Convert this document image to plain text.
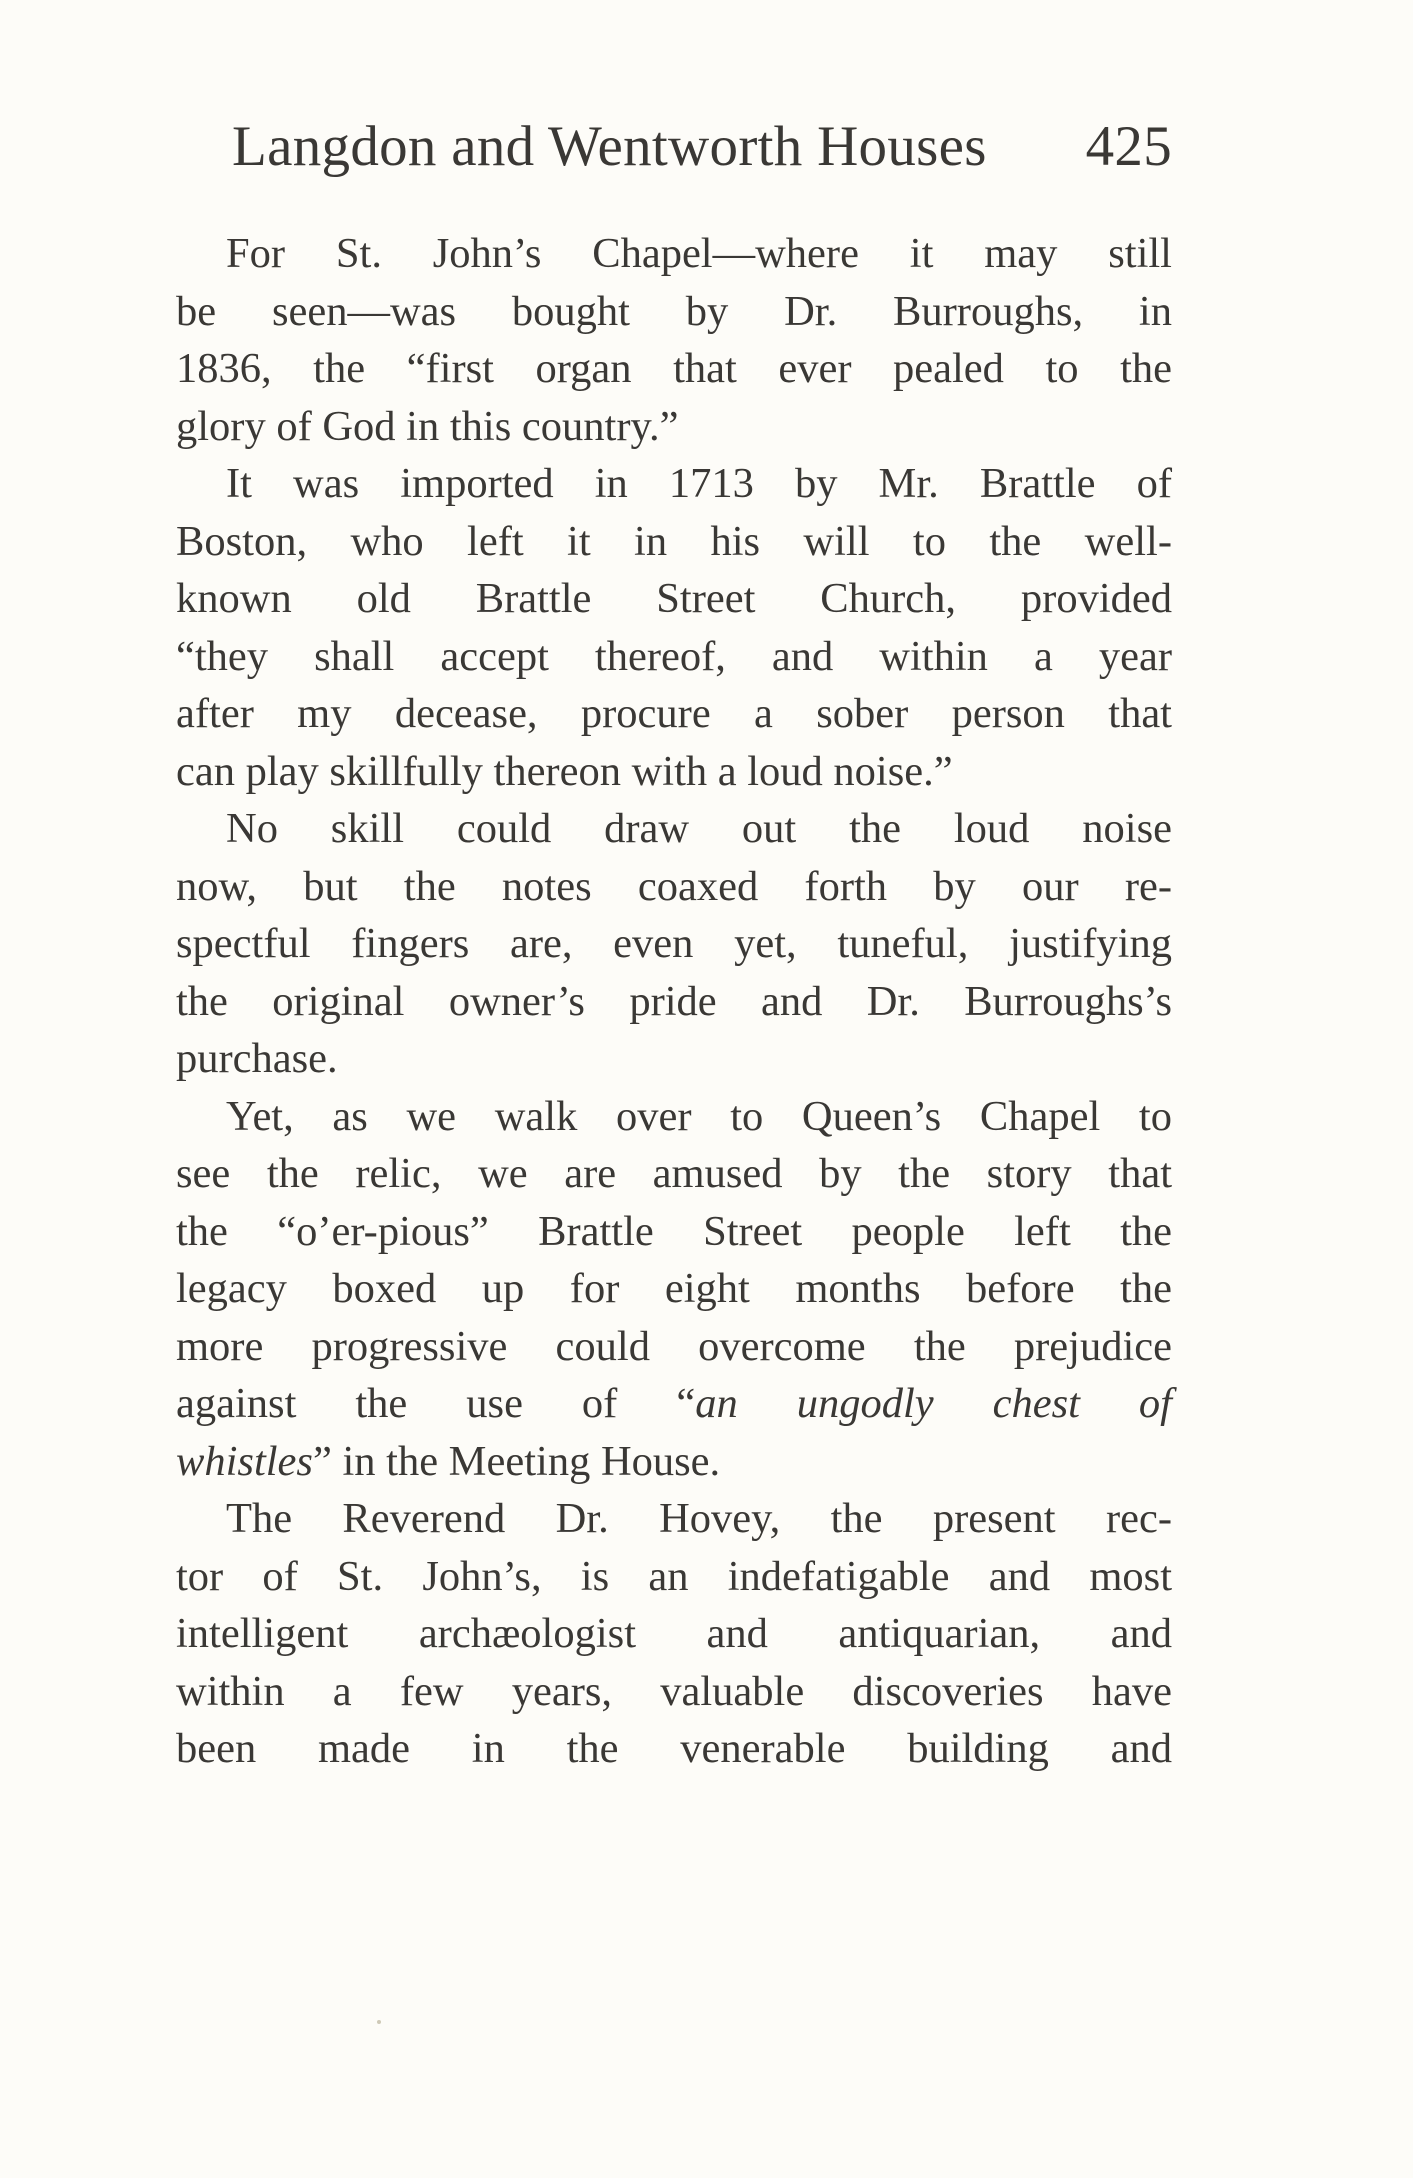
Langdon and Wentworth Houses 425
For St. John’s Chapel—where it may still
be seen—was bought by Dr. Burroughs, in
1836, the “first organ that ever pealed to the
glory of God in this country.”
It was imported in 1713 by Mr. Brattle of
Boston, who left it in his will to the well-
known old Brattle Street Church, provided
“they shall accept thereof, and within a year
after my decease, procure a sober person that
can play skillfully thereon with a loud noise.”
No skill could draw out the loud noise
now, but the notes coaxed forth by our re-
spectful fingers are, even yet, tuneful, justifying
the original owner’s pride and Dr. Burroughs’s
purchase.
Yet, as we walk over to Queen’s Chapel to
see the relic, we are amused by the story that
the “o’er-pious” Brattle Street people left the
legacy boxed up for eight months before the
more progressive could overcome the prejudice
against the use of “an ungodly chest of
whistles” in the Meeting House.
The Reverend Dr. Hovey, the present rec-
tor of St. John’s, is an indefatigable and most
intelligent archæologist and antiquarian, and
within a few years, valuable discoveries have
been made in the venerable building and
